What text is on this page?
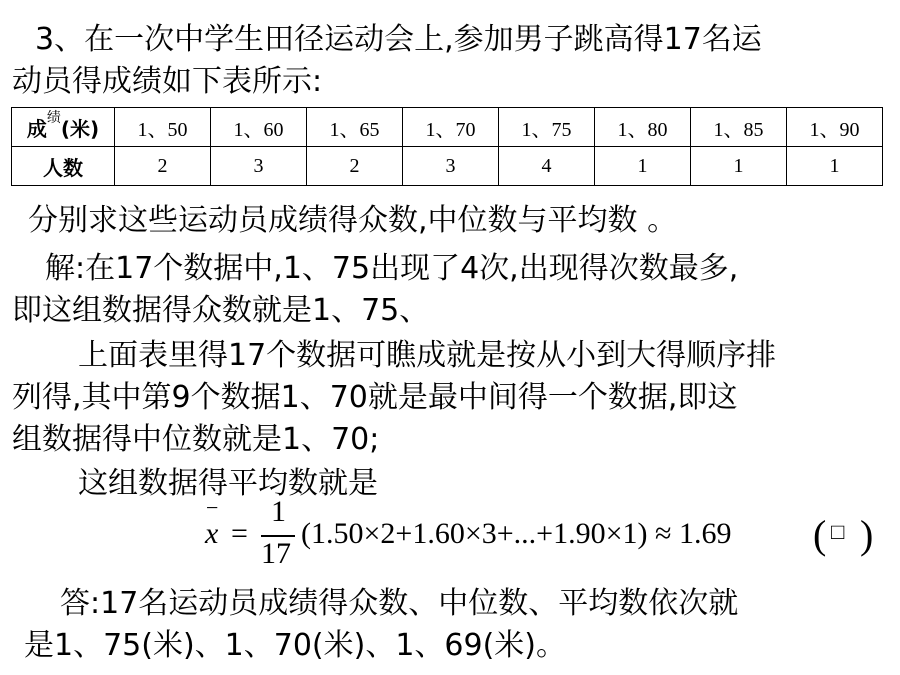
3、在一次中学生田径运动会上,参加男子跳高得17名运
动员得成绩如下表所示:
成$^绩$(米)	1、50	1、60	1、65	1、70	1、75	1、80	1、85	1、90
人数	2	3	2	3	4	1	1	1
分别求这些运动员成绩得众数,中位数与平均数 。
解:在17个数据中,1、75出现了4次,出现得次数最多,
即这组数据得众数就是1、75、
上面表里得17个数据可瞧成就是按从小到大得顺序排
列得,其中第9个数据1、70就是最中间得一个数据,即这
组数据得中位数就是1、70;
这组数据得平均数就是
−
x =
1
17
(1.50×2+1.60×3+...+1.90×1) ≈ 1.69 ( □ )
答:17名运动员成绩得众数、中位数、平均数依次就
是1、75(米)、1、70(米)、1、69(米)。
